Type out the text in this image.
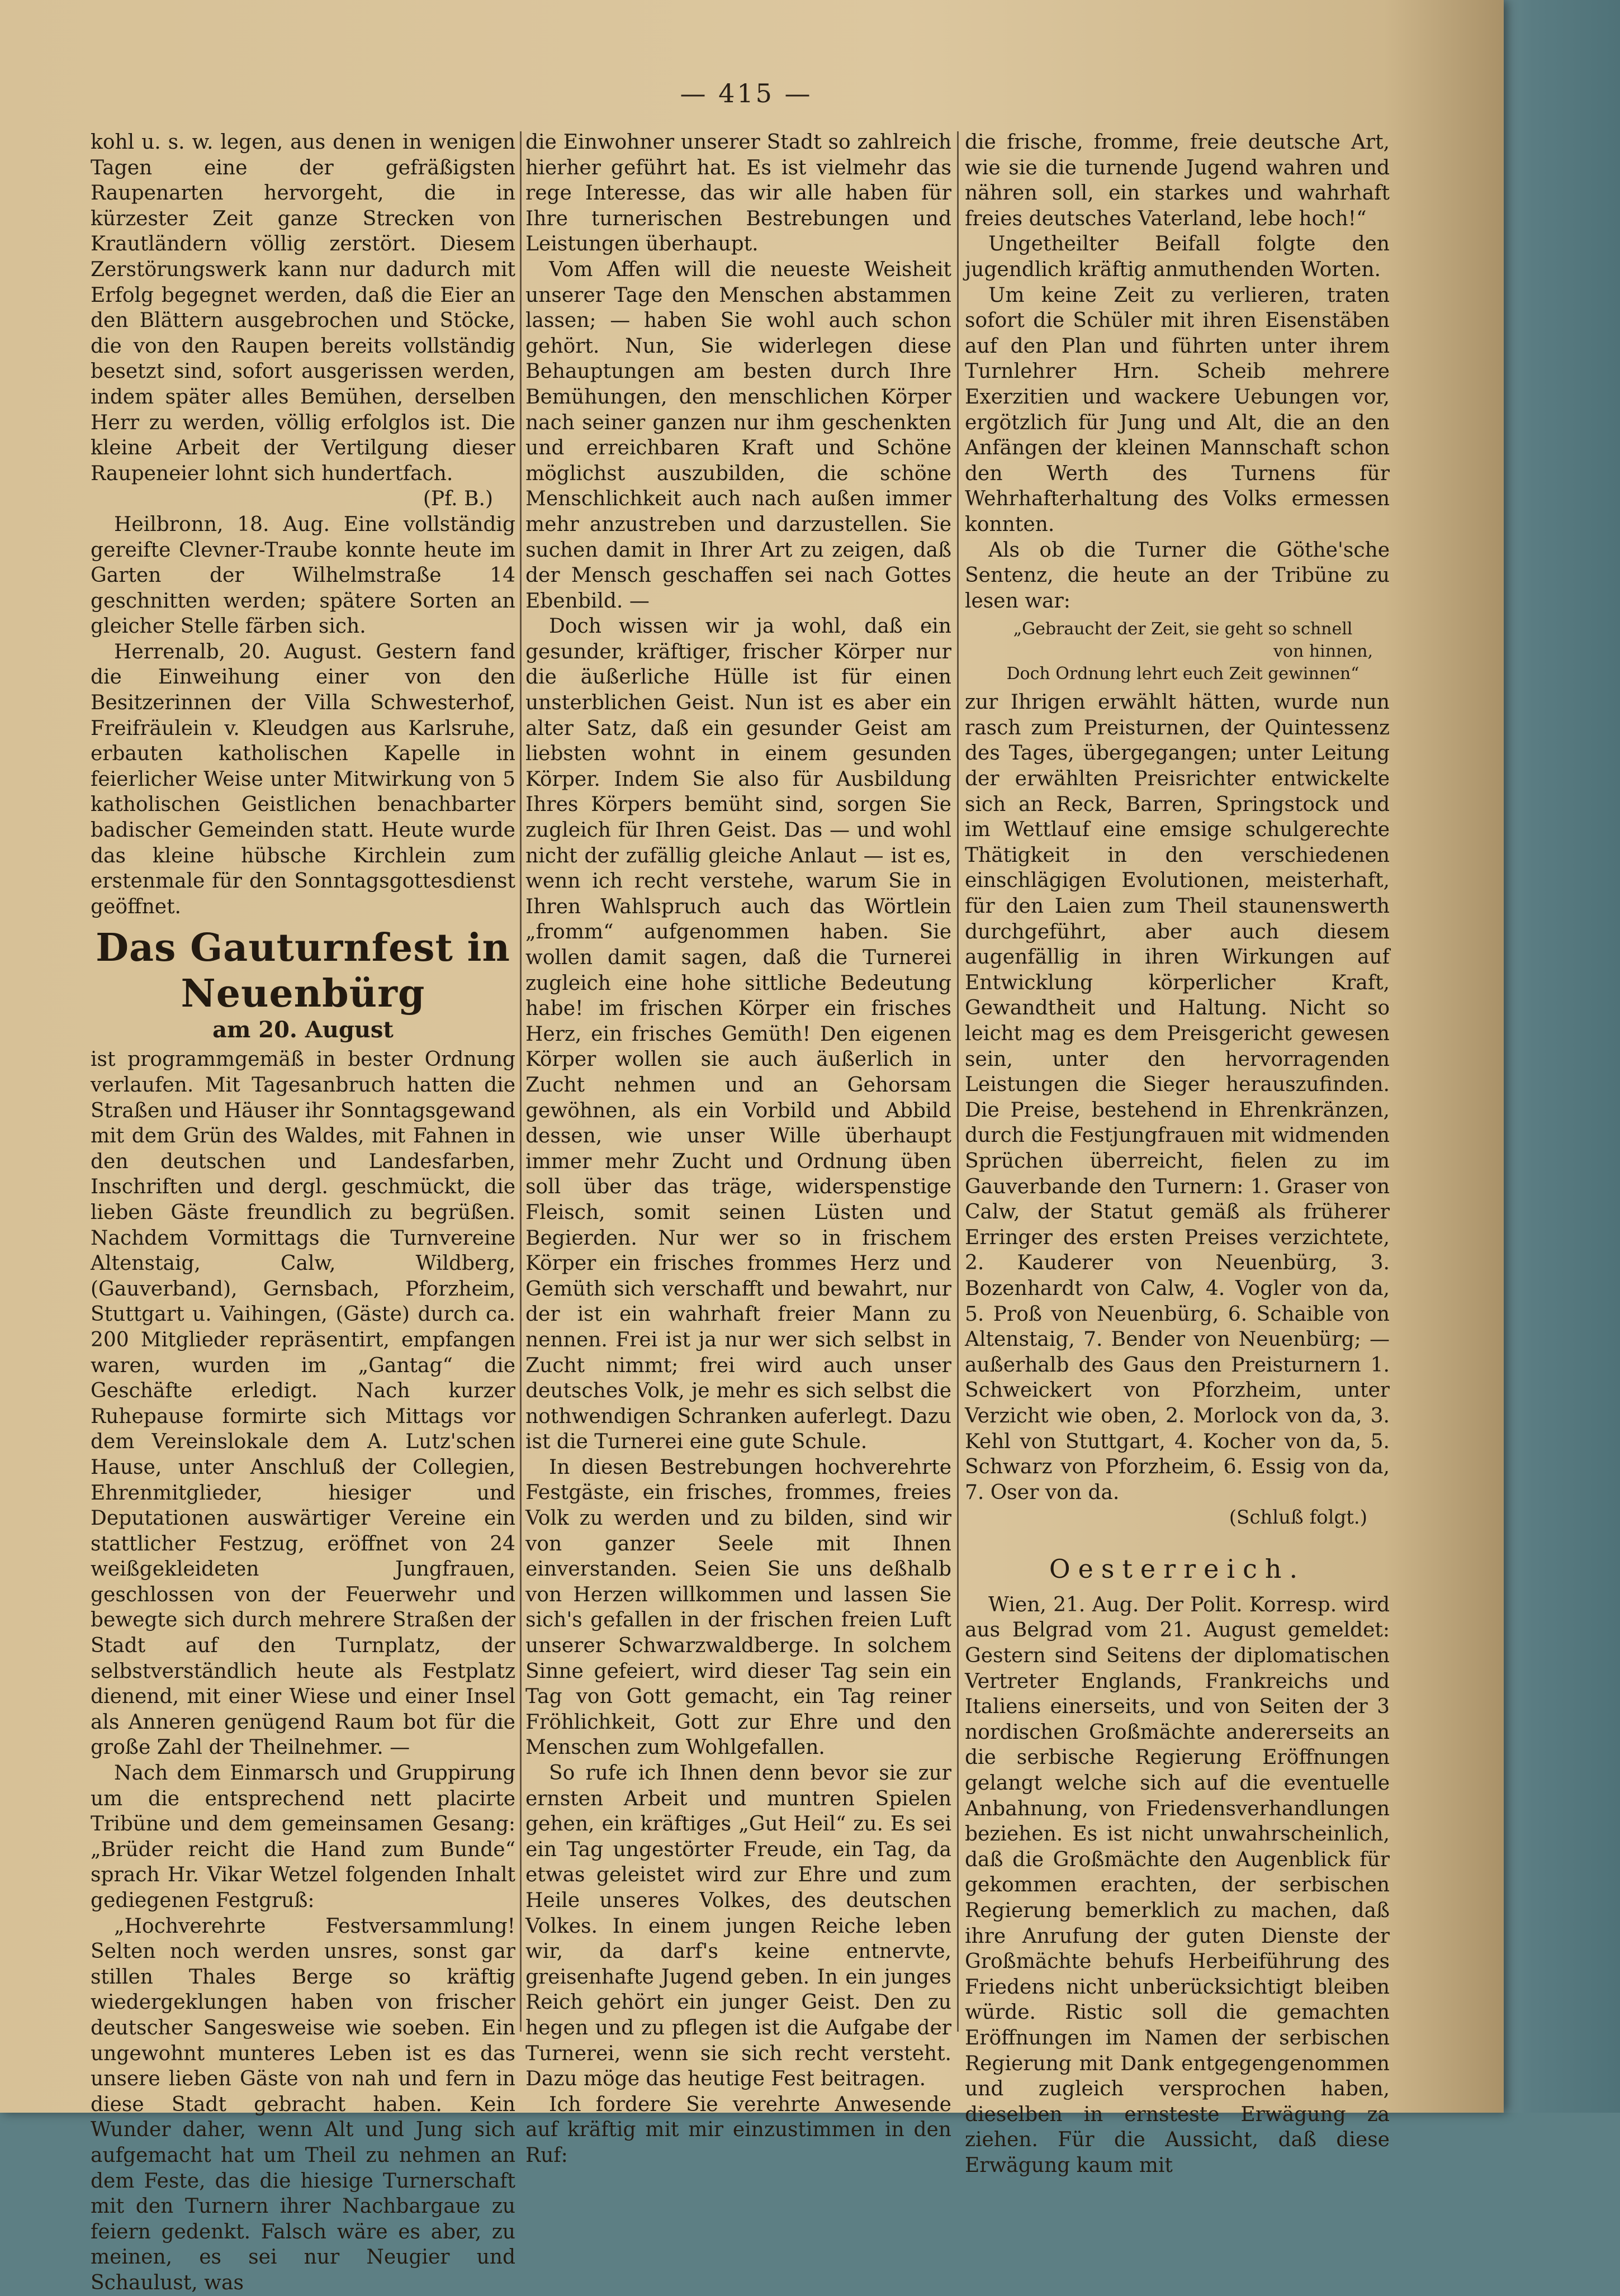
— 415 —

kohl u. s. w. legen, aus denen in wenigen Tagen eine der gefräßigsten Raupenarten hervorgeht, die in kürzester Zeit ganze Strecken von Krautländern völlig zerstört. Diesem Zerstörungswerk kann nur dadurch mit Erfolg begegnet werden, daß die Eier an den Blättern ausgebrochen und Stöcke, die von den Raupen bereits vollständig besetzt sind, sofort ausgerissen werden, indem später alles Bemühen, derselben Herr zu werden, völlig erfolglos ist. Die kleine Arbeit der Vertilgung dieser Raupeneier lohnt sich hundertfach.

(Pf. B.)

Heilbronn, 18. Aug. Eine vollständig gereifte Clevner-Traube konnte heute im Garten der Wilhelmstraße 14 geschnitten werden; spätere Sorten an gleicher Stelle färben sich.

Herrenalb, 20. August. Gestern fand die Einweihung einer von den Besitzerinnen der Villa Schwesterhof, Freifräulein v. Kleudgen aus Karlsruhe, erbauten katholischen Kapelle in feierlicher Weise unter Mitwirkung von 5 katholischen Geistlichen benachbarter badischer Gemeinden statt. Heute wurde das kleine hübsche Kirchlein zum erstenmale für den Sonntagsgottesdienst geöffnet.

Das Gauturnfest in Neuenbürg
am 20. August

ist programmgemäß in bester Ordnung verlaufen. Mit Tagesanbruch hatten die Straßen und Häuser ihr Sonntagsgewand mit dem Grün des Waldes, mit Fahnen in den deutschen und Landesfarben, Inschriften und dergl. geschmückt, die lieben Gäste freundlich zu begrüßen. Nachdem Vormittags die Turnvereine Altenstaig, Calw, Wildberg, (Gauverband), Gernsbach, Pforzheim, Stuttgart u. Vaihingen, (Gäste) durch ca. 200 Mitglieder repräsentirt, empfangen waren, wurden im „Gantag“ die Geschäfte erledigt. Nach kurzer Ruhepause formirte sich Mittags vor dem Vereinslokale dem A. Lutz'schen Hause, unter Anschluß der Collegien, Ehrenmitglieder, hiesiger und Deputationen auswärtiger Vereine ein stattlicher Festzug, eröffnet von 24 weißgekleideten Jungfrauen, geschlossen von der Feuerwehr und bewegte sich durch mehrere Straßen der Stadt auf den Turnplatz, der selbstverständlich heute als Festplatz dienend, mit einer Wiese und einer Insel als Anneren genügend Raum bot für die große Zahl der Theilnehmer. —

Nach dem Einmarsch und Gruppirung um die entsprechend nett placirte Tribüne und dem gemeinsamen Gesang: „Brüder reicht die Hand zum Bunde“ sprach Hr. Vikar Wetzel folgenden Inhalt gediegenen Festgruß:

„Hochverehrte Festversammlung! Selten noch werden unsres, sonst gar stillen Thales Berge so kräftig wiedergeklungen haben von frischer deutscher Sangesweise wie soeben. Ein ungewohnt munteres Leben ist es das unsere lieben Gäste von nah und fern in diese Stadt gebracht haben. Kein Wunder daher, wenn Alt und Jung sich aufgemacht hat um Theil zu nehmen an dem Feste, das die hiesige Turnerschaft mit den Turnern ihrer Nachbargaue zu feiern gedenkt. Falsch wäre es aber, zu meinen, es sei nur Neugier und Schaulust, was

die Einwohner unserer Stadt so zahlreich hierher geführt hat. Es ist vielmehr das rege Interesse, das wir alle haben für Ihre turnerischen Bestrebungen und Leistungen überhaupt.

Vom Affen will die neueste Weisheit unserer Tage den Menschen abstammen lassen; — haben Sie wohl auch schon gehört. Nun, Sie widerlegen diese Behauptungen am besten durch Ihre Bemühungen, den menschlichen Körper nach seiner ganzen nur ihm geschenkten und erreichbaren Kraft und Schöne möglichst auszubilden, die schöne Menschlichkeit auch nach außen immer mehr anzustreben und darzustellen. Sie suchen damit in Ihrer Art zu zeigen, daß der Mensch geschaffen sei nach Gottes Ebenbild. —

Doch wissen wir ja wohl, daß ein gesunder, kräftiger, frischer Körper nur die äußerliche Hülle ist für einen unsterblichen Geist. Nun ist es aber ein alter Satz, daß ein gesunder Geist am liebsten wohnt in einem gesunden Körper. Indem Sie also für Ausbildung Ihres Körpers bemüht sind, sorgen Sie zugleich für Ihren Geist. Das — und wohl nicht der zufällig gleiche Anlaut — ist es, wenn ich recht verstehe, warum Sie in Ihren Wahlspruch auch das Wörtlein „fromm“ aufgenommen haben. Sie wollen damit sagen, daß die Turnerei zugleich eine hohe sittliche Bedeutung habe! im frischen Körper ein frisches Herz, ein frisches Gemüth! Den eigenen Körper wollen sie auch äußerlich in Zucht nehmen und an Gehorsam gewöhnen, als ein Vorbild und Abbild dessen, wie unser Wille überhaupt immer mehr Zucht und Ordnung üben soll über das träge, widerspenstige Fleisch, somit seinen Lüsten und Begierden. Nur wer so in frischem Körper ein frisches frommes Herz und Gemüth sich verschafft und bewahrt, nur der ist ein wahrhaft freier Mann zu nennen. Frei ist ja nur wer sich selbst in Zucht nimmt; frei wird auch unser deutsches Volk, je mehr es sich selbst die nothwendigen Schranken auferlegt. Dazu ist die Turnerei eine gute Schule.

In diesen Bestrebungen hochverehrte Festgäste, ein frisches, frommes, freies Volk zu werden und zu bilden, sind wir von ganzer Seele mit Ihnen einverstanden. Seien Sie uns deßhalb von Herzen willkommen und lassen Sie sich's gefallen in der frischen freien Luft unserer Schwarzwaldberge. In solchem Sinne gefeiert, wird dieser Tag sein ein Tag von Gott gemacht, ein Tag reiner Fröhlichkeit, Gott zur Ehre und den Menschen zum Wohlgefallen.

So rufe ich Ihnen denn bevor sie zur ernsten Arbeit und muntren Spielen gehen, ein kräftiges „Gut Heil“ zu. Es sei ein Tag ungestörter Freude, ein Tag, da etwas geleistet wird zur Ehre und zum Heile unseres Volkes, des deutschen Volkes. In einem jungen Reiche leben wir, da darf's keine entnervte, greisenhafte Jugend geben. In ein junges Reich gehört ein junger Geist. Den zu hegen und zu pflegen ist die Aufgabe der Turnerei, wenn sie sich recht versteht. Dazu möge das heutige Fest beitragen.

Ich fordere Sie verehrte Anwesende auf kräftig mit mir einzustimmen in den Ruf:

die frische, fromme, freie deutsche Art, wie sie die turnende Jugend wahren und nähren soll, ein starkes und wahrhaft freies deutsches Vaterland, lebe hoch!“

Ungetheilter Beifall folgte den jugendlich kräftig anmuthenden Worten.

Um keine Zeit zu verlieren, traten sofort die Schüler mit ihren Eisenstäben auf den Plan und führten unter ihrem Turnlehrer Hrn. Scheib mehrere Exerzitien und wackere Uebungen vor, ergötzlich für Jung und Alt, die an den Anfängen der kleinen Mannschaft schon den Werth des Turnens für Wehrhafterhaltung des Volks ermessen konnten.

Als ob die Turner die Göthe'sche Sentenz, die heute an der Tribüne zu lesen war:

„Gebraucht der Zeit, sie geht so schnell
von hinnen,
Doch Ordnung lehrt euch Zeit gewinnen“

zur Ihrigen erwählt hätten, wurde nun rasch zum Preisturnen, der Quintessenz des Tages, übergegangen; unter Leitung der erwählten Preisrichter entwickelte sich an Reck, Barren, Springstock und im Wettlauf eine emsige schulgerechte Thätigkeit in den verschiedenen einschlägigen Evolutionen, meisterhaft, für den Laien zum Theil staunenswerth durchgeführt, aber auch diesem augenfällig in ihren Wirkungen auf Entwicklung körperlicher Kraft, Gewandtheit und Haltung. Nicht so leicht mag es dem Preisgericht gewesen sein, unter den hervorragenden Leistungen die Sieger herauszufinden. Die Preise, bestehend in Ehrenkränzen, durch die Festjungfrauen mit widmenden Sprüchen überreicht, fielen zu im Gauverbande den Turnern: 1. Graser von Calw, der Statut gemäß als früherer Erringer des ersten Preises verzichtete, 2. Kauderer von Neuenbürg, 3. Bozenhardt von Calw, 4. Vogler von da, 5. Proß von Neuenbürg, 6. Schaible von Altenstaig, 7. Bender von Neuenbürg; — außerhalb des Gaus den Preisturnern 1. Schweickert von Pforzheim, unter Verzicht wie oben, 2. Morlock von da, 3. Kehl von Stuttgart, 4. Kocher von da, 5. Schwarz von Pforzheim, 6. Essig von da, 7. Oser von da.

(Schluß folgt.)

Oesterreich.

Wien, 21. Aug. Der Polit. Korresp. wird aus Belgrad vom 21. August gemeldet: Gestern sind Seitens der diplomatischen Vertreter Englands, Frankreichs und Italiens einerseits, und von Seiten der 3 nordischen Großmächte andererseits an die serbische Regierung Eröffnungen gelangt welche sich auf die eventuelle Anbahnung, von Friedensverhandlungen beziehen. Es ist nicht unwahrscheinlich, daß die Großmächte den Augenblick für gekommen erachten, der serbischen Regierung bemerklich zu machen, daß ihre Anrufung der guten Dienste der Großmächte behufs Herbeiführung des Friedens nicht unberücksichtigt bleiben würde. Ristic soll die gemachten Eröffnungen im Namen der serbischen Regierung mit Dank entgegengenommen und zugleich versprochen haben, dieselben in ernsteste Erwägung za ziehen. Für die Aussicht, daß diese Erwägung kaum mit
